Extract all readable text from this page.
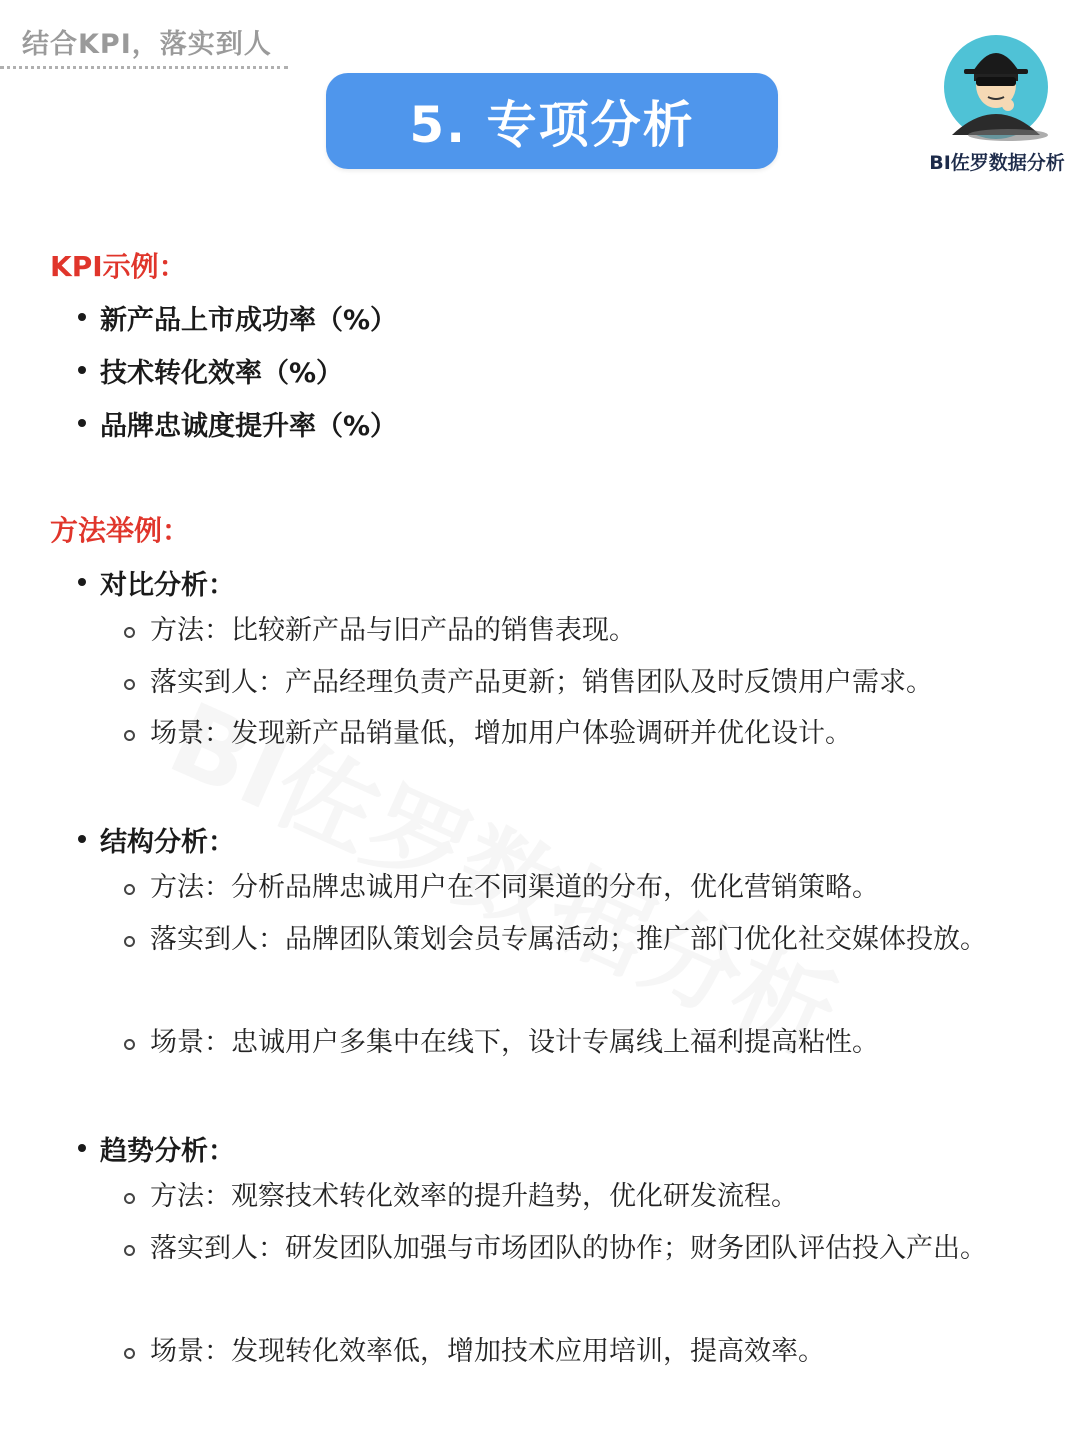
结合KPI，落实到人
5. 专项分析
BI佐罗数据分析
KPI示例：
新产品上市成功率（%）
技术转化效率（%）
品牌忠诚度提升率（%）
方法举例：
对比分析：
方法：比较新产品与旧产品的销售表现。
落实到人：产品经理负责产品更新；销售团队及时反馈用户需求。
场景：发现新产品销量低，增加用户体验调研并优化设计。
结构分析：
方法：分析品牌忠诚用户在不同渠道的分布，优化营销策略。
落实到人：品牌团队策划会员专属活动；推广部门优化社交媒体投放。
场景：忠诚用户多集中在线下，设计专属线上福利提高粘性。
趋势分析：
方法：观察技术转化效率的提升趋势，优化研发流程。
落实到人：研发团队加强与市场团队的协作；财务团队评估投入产出。
场景：发现转化效率低，增加技术应用培训，提高效率。
